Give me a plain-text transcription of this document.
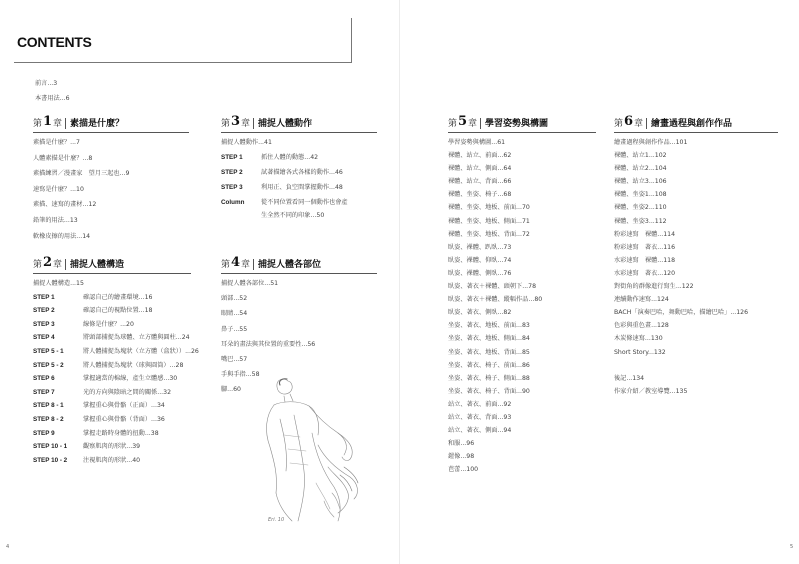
CONTENTS
前言...3
本書用法...6
第 1 章 素描是什麼？
素描是什麼？...7
人體素描是什麼？...8
素描練習／漫畫家　望月三起也...9
速寫是什麼？...10
素描、速寫的畫材...12
鉛筆的用法...13
軟橡皮擦的用法...14
第 2 章 捕捉人體構造
捕捉人體構造...15
STEP 1	確認自己的繪畫環境...16
STEP 2	確認自己的視點位置...18
STEP 3	線條是什麼？...20
STEP 4	將頭部捕捉為球體、立方體與圓柱...24
STEP 5 - 1	將人體捕捉為塊狀（立方體（盒狀））...26
STEP 5 - 2	將人體捕捉為塊狀（球與圓筒）...28
STEP 6	掌握適當的棉線，產生立體感...30
STEP 7	光的方向與陰暗之間的關係...32
STEP 8 - 1	掌握重心與骨骼（正面）...34
STEP 8 - 2	掌握重心與骨骼（背面）...36
STEP 9	掌握走路時身體的扭動...38
STEP 10 - 1	觀察肌肉的形狀...39
STEP 10 - 2	注視肌肉的形狀...40
第 3 章 捕捉人體動作
捕捉人體動作...41
STEP 1	抓住人體的動態...42
STEP 2	試著描繪各式各樣的動作...46
STEP 3	利用正、負空間掌握動作...48
Column	從不同位置看同一個動作也會產
生全然不同的印象...50
第 4 章 捕捉人體各部位
捕捉人體各部位...51
頭部...52
眼睛...54
鼻子...55
耳朵的畫法與其位置的重要性...56
嘴巴...57
手與手指...58
腳...60
Eri. 10
第 5 章 學習姿勢與構圖
學習姿勢與構圖...61
裸體、站立、前面...62
裸體、站立、側面...64
裸體、站立、背面...66
裸體、坐姿、椅子...68
裸體、坐姿、地板、前面...70
裸體、坐姿、地板、側面...71
裸體、坐姿、地板、背面...72
臥姿、裸體、趴臥...73
臥姿、裸體、仰臥...74
臥姿、裸體、側臥...76
臥姿、著衣＋裸體、頭朝下...78
臥姿、著衣＋裸體、縱幅作品...80
臥姿、著衣、側臥...82
坐姿、著衣、地板、前面...83
坐姿、著衣、地板、側面...84
坐姿、著衣、地板、背面...85
坐姿、著衣、椅子、前面...86
坐姿、著衣、椅子、側面...88
坐姿、著衣、椅子、背面...90
站立、著衣、前面...92
站立、著衣、背面...93
站立、著衣、側面...94
和服...96
鎧像...98
芭蕾...100
第 6 章 繪畫過程與創作作品
繪畫過程與創作作品...101
裸體、站立1...102
裸體、站立2...104
裸體、站立3...106
裸體、坐姿1...108
裸體、坐姿2...110
裸體、坐姿3...112
粉彩速寫　裸體...114
粉彩速寫　著衣...116
水彩速寫　裸體...118
水彩速寫　著衣...120
對街角的群像進行寫生...122
連續動作速寫...124
BACH「演奏巴哈，舞動巴哈，描繪巴哈」...126
色彩與重色畫...128
木炭條速寫...130
Short Story...132
後記...134
作家介紹／教室導覽...135
4	5
